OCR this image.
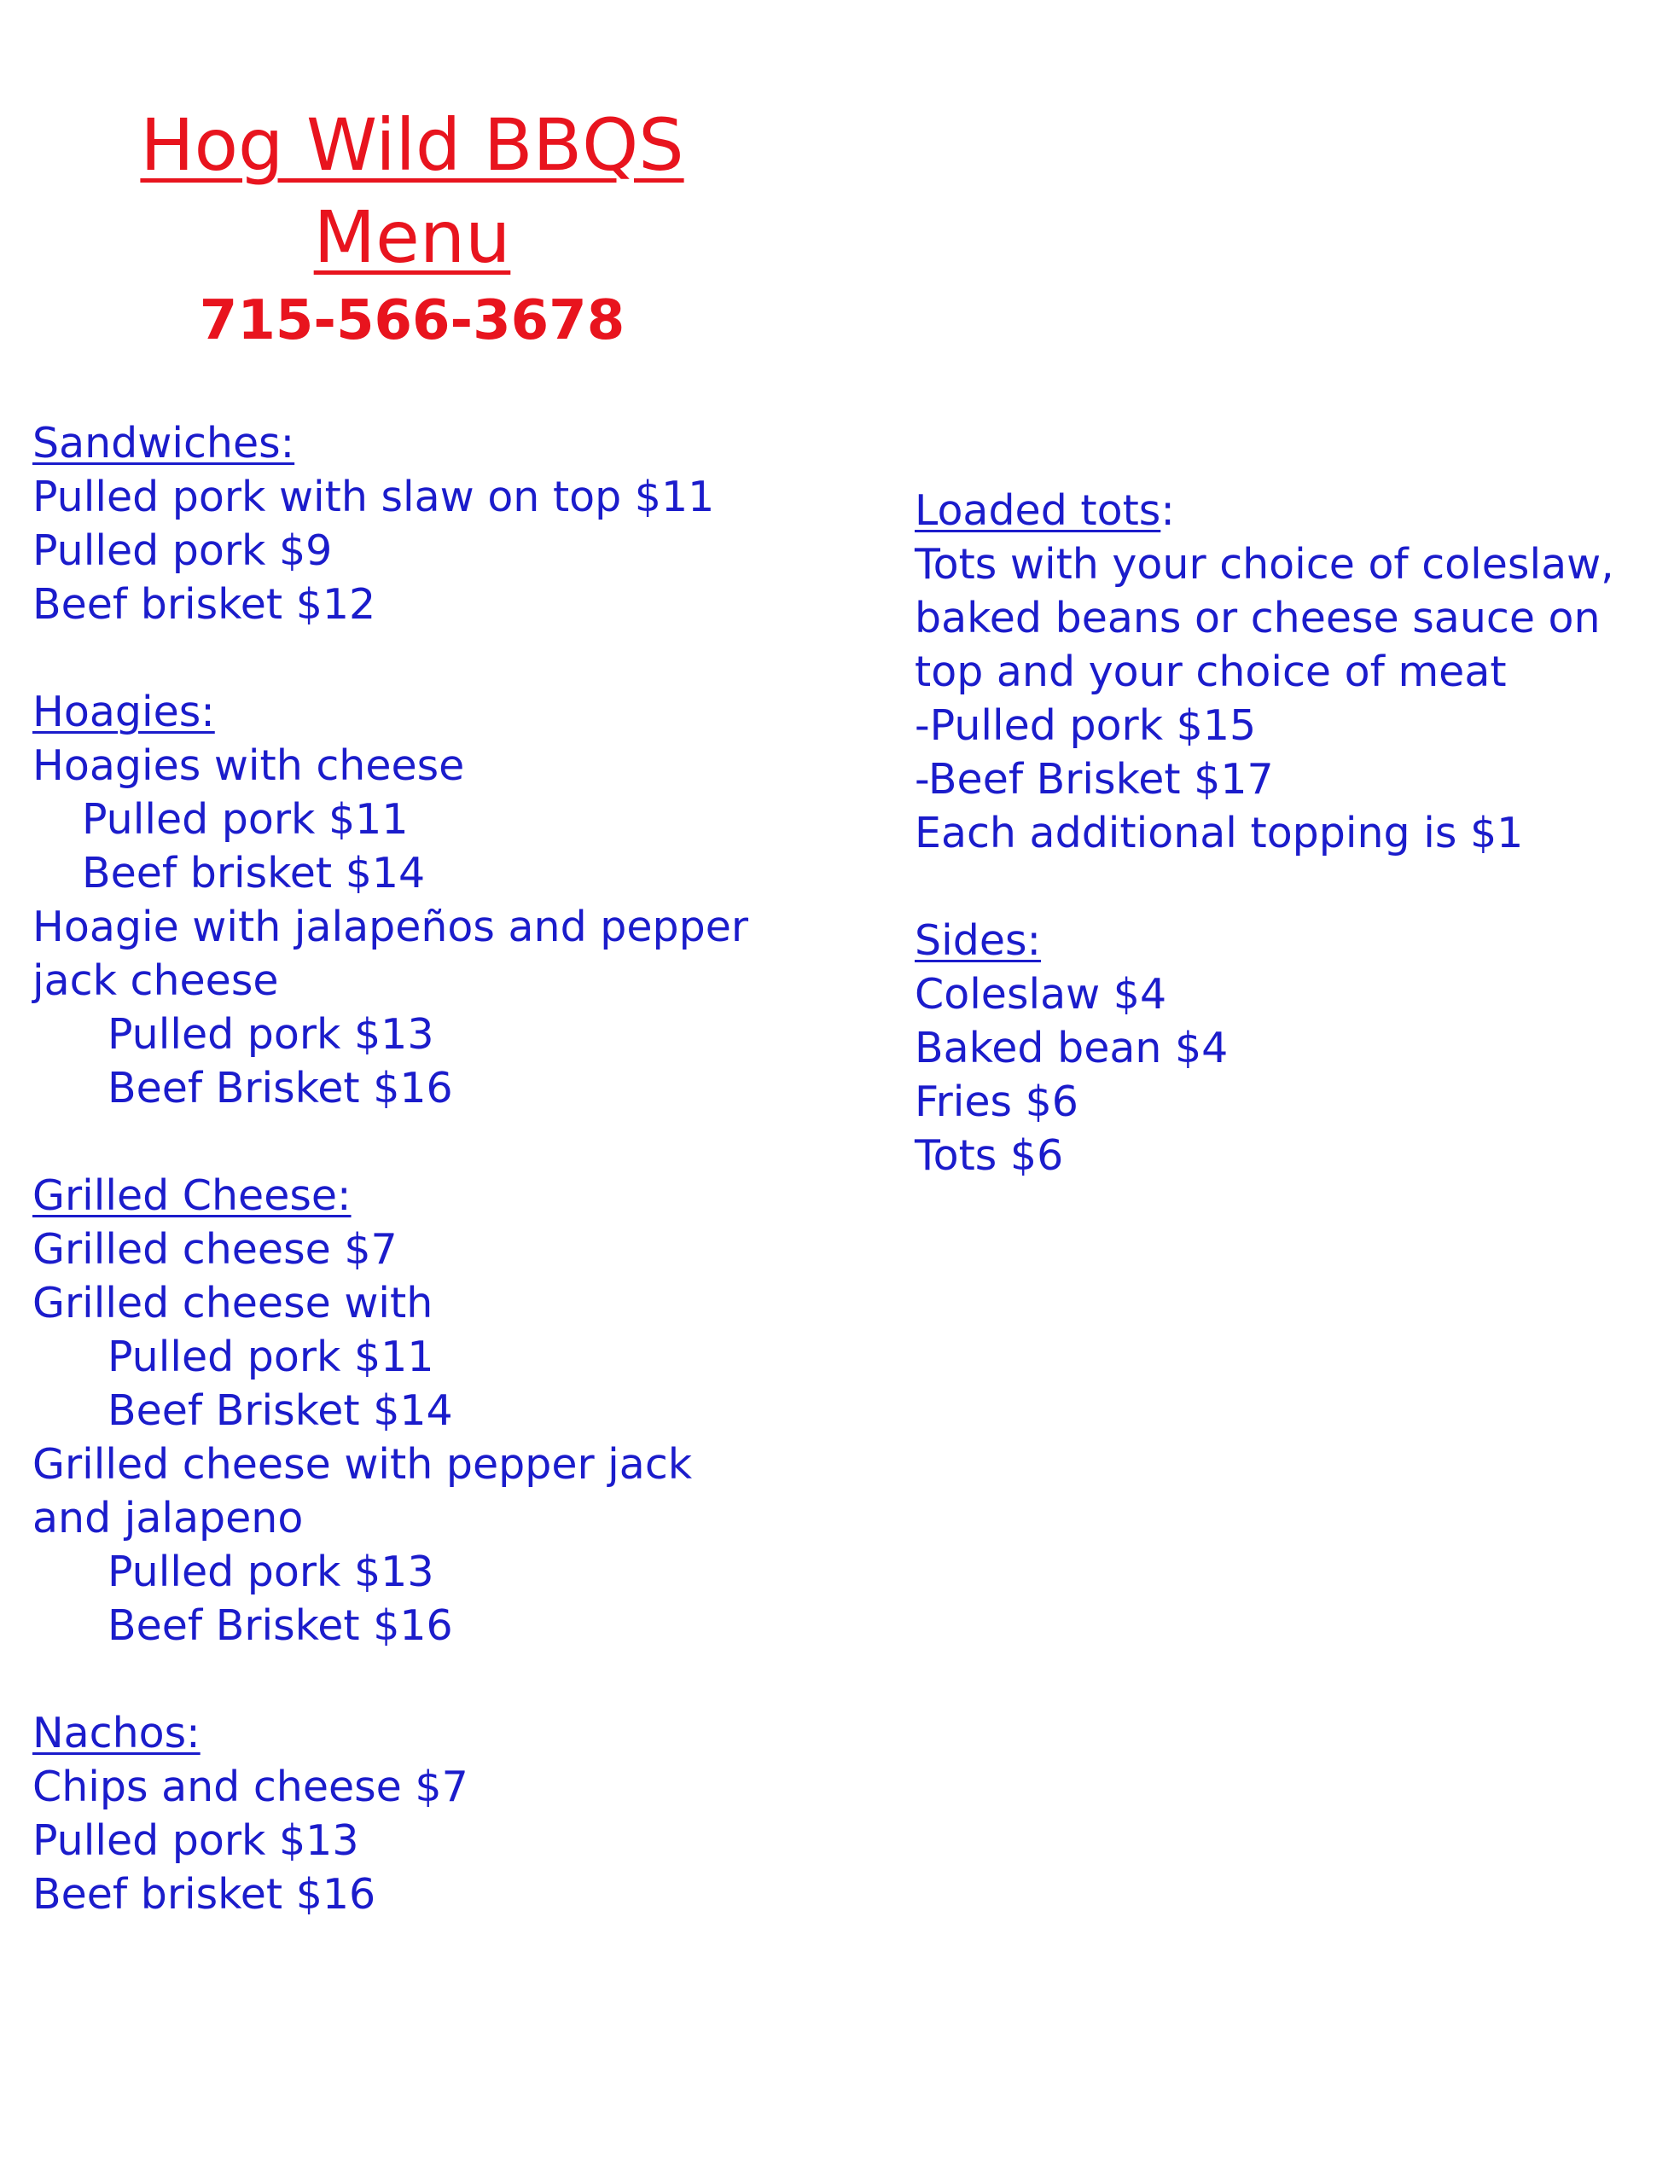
Hog Wild BBQS
Menu
715-566-3678
Sandwiches:
Pulled pork with slaw on top $11
Pulled pork $9
Beef brisket $12
Hoagies:
Hoagies with cheese
Pulled pork $11
Beef brisket $14
Hoagie with jalapeños and pepper
jack cheese
Pulled pork $13
Beef Brisket $16
Grilled Cheese:
Grilled cheese $7
Grilled cheese with
Pulled pork $11
Beef Brisket $14
Grilled cheese with pepper jack
and jalapeno
Pulled pork $13
Beef Brisket $16
Nachos:
Chips and cheese $7
Pulled pork $13
Beef brisket $16
Loaded tots:
Tots with your choice of coleslaw,
baked beans or cheese sauce on
top and your choice of meat
-Pulled pork $15
-Beef Brisket $17
Each additional topping is $1
Sides:
Coleslaw $4
Baked bean $4
Fries $6
Tots $6
